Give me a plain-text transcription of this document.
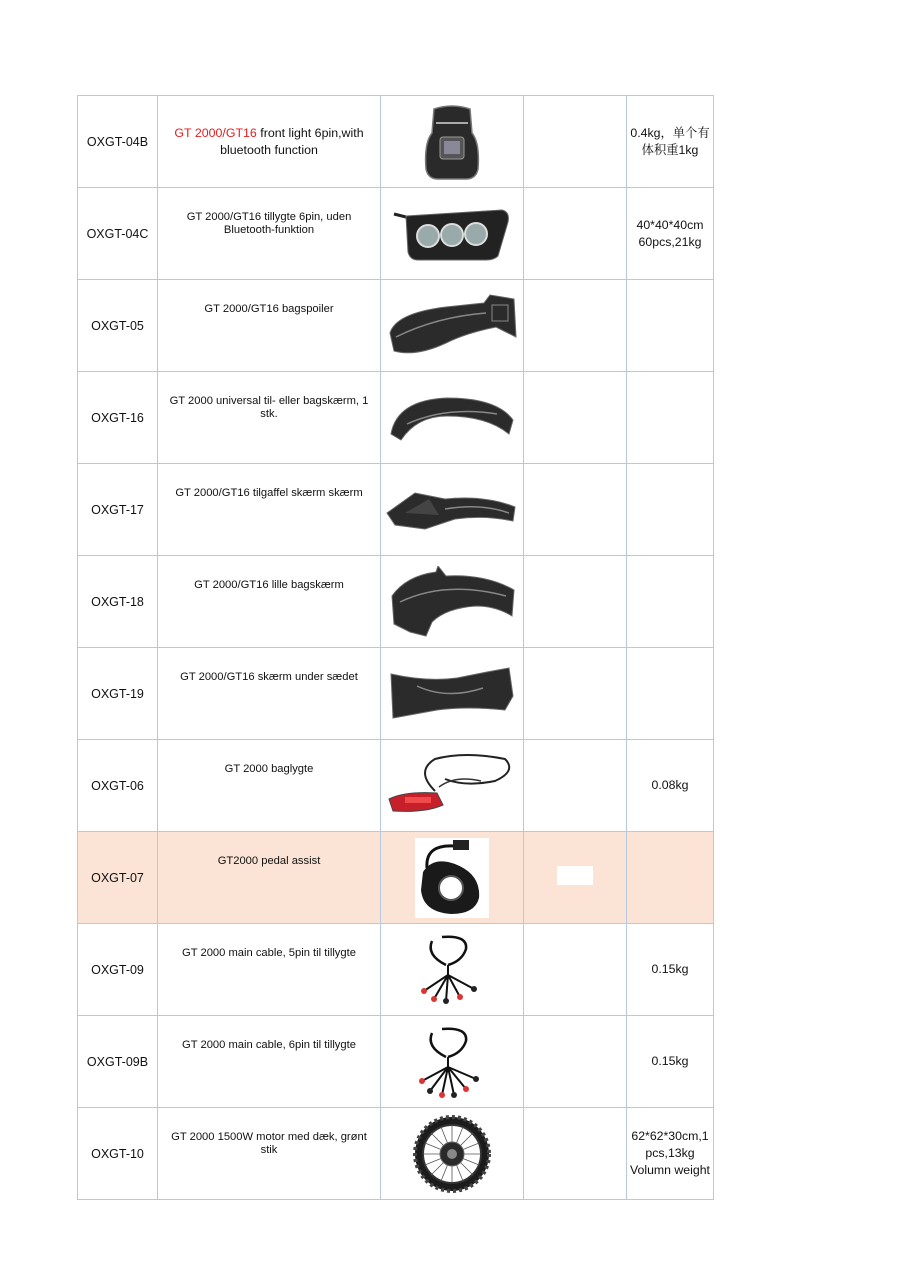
OXGT-04B	GT 2000/GT16 front light 6pin,with bluetooth function			0.4kg，单个有体积重1kg
OXGT-04C	GT 2000/GT16 tillygte 6pin, uden Bluetooth-funktion			40*40*40cm 60pcs,21kg
OXGT-05	GT 2000/GT16 bagspoiler

OXGT-16	GT 2000 universal til- eller bagskærm, 1 stk.

OXGT-17	GT 2000/GT16 tilgaffel skærm skærm

OXGT-18	GT 2000/GT16 lille bagskærm

OXGT-19	GT 2000/GT16 skærm under sædet

OXGT-06	GT 2000 baglygte			0.08kg
OXGT-07	GT2000 pedal assist

OXGT-09	GT 2000 main cable, 5pin til tillygte			0.15kg
OXGT-09B	GT 2000 main cable, 6pin til tillygte			0.15kg
OXGT-10	GT 2000 1500W motor med dæk, grønt stik			62*62*30cm,1 pcs,13kg Volumn weight
